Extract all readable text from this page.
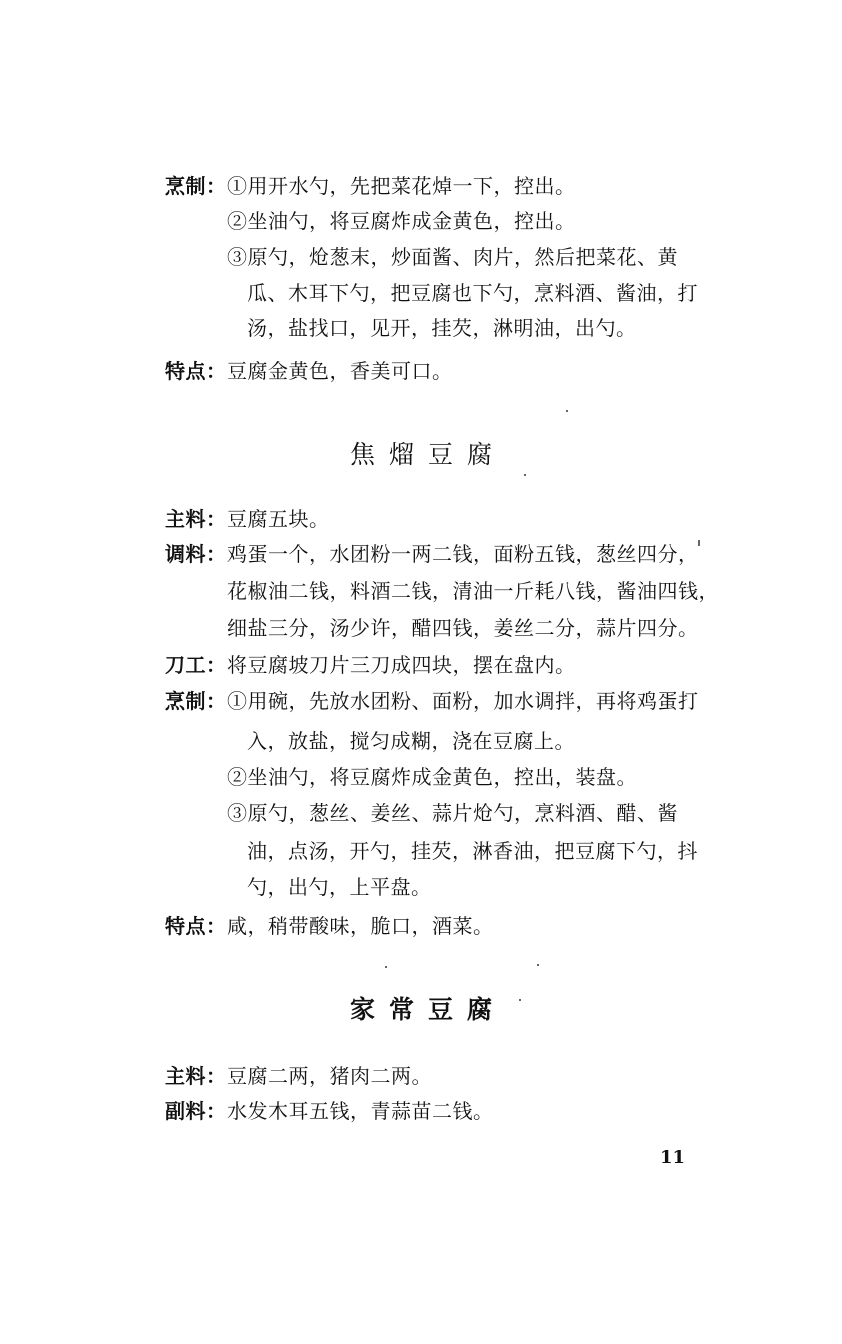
烹制：①用开水勺，先把菜花焯一下，控出。
②坐油勺，将豆腐炸成金黄色，控出。
③原勺，炝葱末，炒面酱、肉片，然后把菜花、黄
瓜、木耳下勺，把豆腐也下勺，烹料酒、酱油，打
汤，盐找口，见开，挂芡，淋明油，出勺。
特点：豆腐金黄色，香美可口。
焦熘豆腐
主料：豆腐五块。
调料：鸡蛋一个，水团粉一两二钱，面粉五钱，葱丝四分，
花椒油二钱，料酒二钱，清油一斤耗八钱，酱油四钱，
细盐三分，汤少许，醋四钱，姜丝二分，蒜片四分。
刀工：将豆腐坡刀片三刀成四块，摆在盘内。
烹制：①用碗，先放水团粉、面粉，加水调拌，再将鸡蛋打
入，放盐，搅匀成糊，浇在豆腐上。
②坐油勺，将豆腐炸成金黄色，控出，装盘。
③原勺，葱丝、姜丝、蒜片炝勺，烹料酒、醋、酱
油，点汤，开勺，挂芡，淋香油，把豆腐下勺，抖
勺，出勺，上平盘。
特点：咸，稍带酸味，脆口，酒菜。
家常豆腐
主料：豆腐二两，猪肉二两。
副料：水发木耳五钱，青蒜苗二钱。
11
